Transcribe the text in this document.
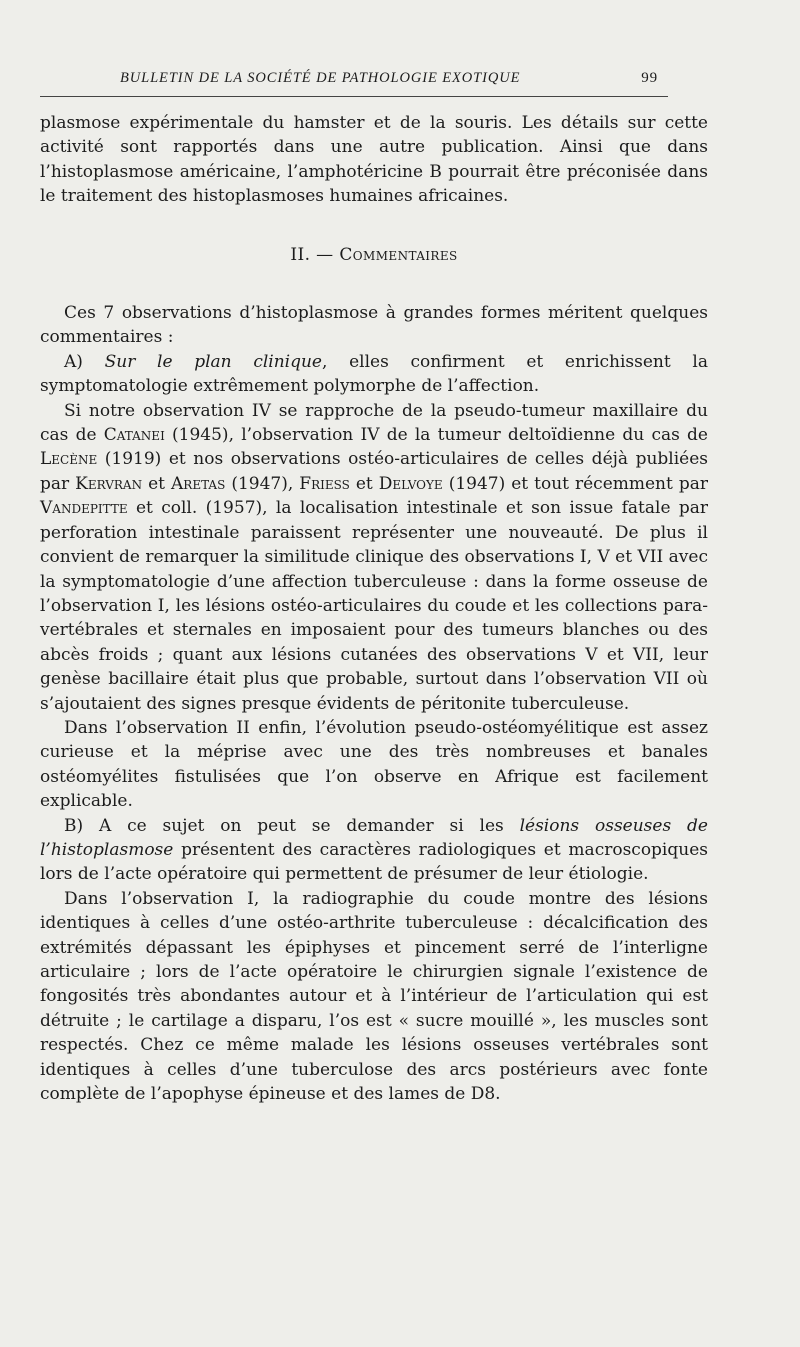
BULLETIN DE LA SOCIÉTÉ DE PATHOLOGIE EXOTIQUE	99

plasmose expérimentale du hamster et de la souris. Les détails sur cette activité sont rapportés dans une autre publication. Ainsi que dans l’histoplasmose américaine, l’amphotéricine B pourrait être préconisée dans le traitement des histoplasmoses humaines africaines.

II. — Commentaires

Ces 7 observations d’histoplasmose à grandes formes méritent quelques commentaires :

A) Sur le plan clinique, elles confirment et enrichissent la symptomatologie extrêmement polymorphe de l’affection.

Si notre observation IV se rapproche de la pseudo-tumeur maxillaire du cas de Catanei (1945), l’observation IV de la tumeur deltoïdienne du cas de Lecène (1919) et nos observations ostéo-articulaires de celles déjà publiées par Kervran et Aretas (1947), Friess et Delvoye (1947) et tout récemment par Vandepitte et coll. (1957), la localisation intestinale et son issue fatale par perforation intestinale paraissent représenter une nouveauté. De plus il convient de remarquer la similitude clinique des observations I, V et VII avec la symptomatologie d’une affection tuberculeuse : dans la forme osseuse de l’observation I, les lésions ostéo-articulaires du coude et les collections para-vertébrales et sternales en imposaient pour des tumeurs blanches ou des abcès froids ; quant aux lésions cutanées des observations V et VII, leur genèse bacillaire était plus que probable, surtout dans l’observation VII où s’ajoutaient des signes presque évidents de péritonite tuberculeuse.

Dans l’observation II enfin, l’évolution pseudo-ostéomyélitique est assez curieuse et la méprise avec une des très nombreuses et banales ostéomyélites fistulisées que l’on observe en Afrique est facilement explicable.

B) A ce sujet on peut se demander si les lésions osseuses de l’histoplasmose présentent des caractères radiologiques et macroscopiques lors de l’acte opératoire qui permettent de présumer de leur étiologie.

Dans l’observation I, la radiographie du coude montre des lésions identiques à celles d’une ostéo-arthrite tuberculeuse : décalcification des extrémités dépassant les épiphyses et pincement serré de l’interligne articulaire ; lors de l’acte opératoire le chirurgien signale l’existence de fongosités très abondantes autour et à l’intérieur de l’articulation qui est détruite ; le cartilage a disparu, l’os est « sucre mouillé », les muscles sont respectés. Chez ce même malade les lésions osseuses vertébrales sont identiques à celles d’une tuberculose des arcs postérieurs avec fonte complète de l’apophyse épineuse et des lames de D8.
